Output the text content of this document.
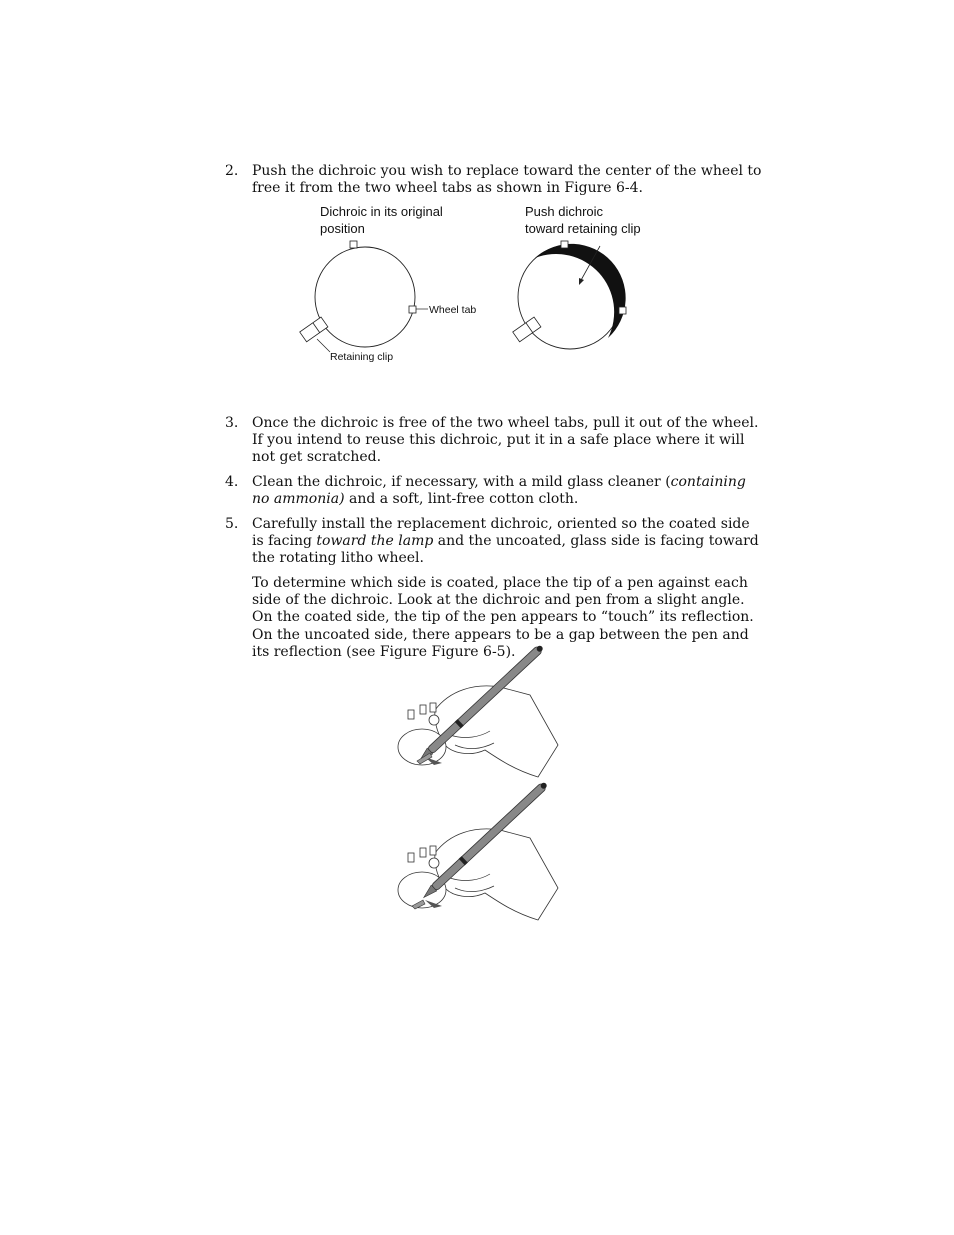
2. Push the dichroic you wish to replace toward the center of the wheel to free it from the two wheel tabs as shown in Figure 6-4.
Dichroic in its original
position
Wheel tab
Retaining clip
Push dichroic
toward retaining clip
3. Once the dichroic is free of the two wheel tabs, pull it out of the wheel. If you intend to reuse this dichroic, put it in a safe place where it will not get scratched.
4. Clean the dichroic, if necessary, with a mild glass cleaner (containing no ammonia) and a soft, lint-free cotton cloth.
5. Carefully install the replacement dichroic, oriented so the coated side is facing toward the lamp and the uncoated, glass side is facing toward the rotating litho wheel.
To determine which side is coated, place the tip of a pen against each side of the dichroic. Look at the dichroic and pen from a slight angle. On the coated side, the tip of the pen appears to “touch” its reflection. On the uncoated side, there appears to be a gap between the pen and its reflection (see Figure Figure 6-5).
